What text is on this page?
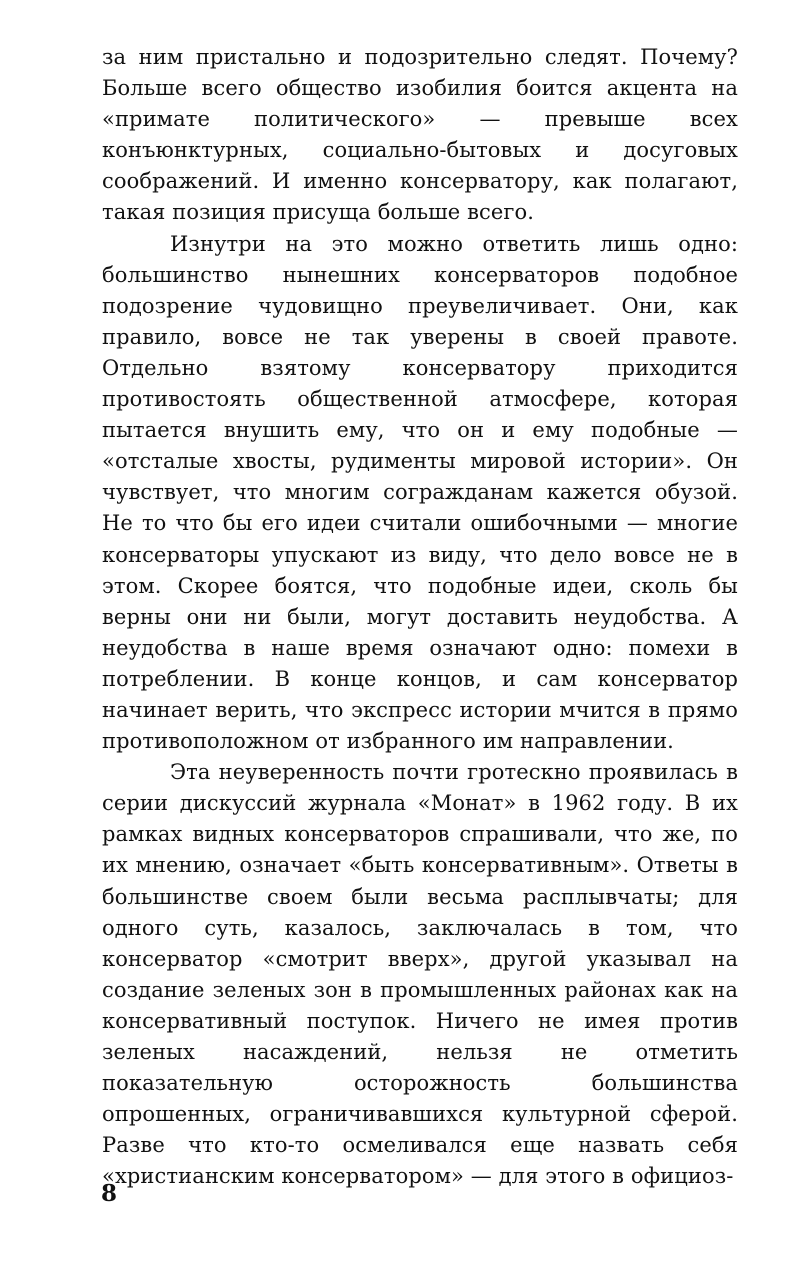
за ним пристально и подозрительно следят. Почему? Больше всего общество изобилия боится акцента на «примате политического» — превыше всех конъюнктурных, социально-бытовых и досуговых соображений. И именно консерватору, как полагают, такая позиция присуща больше всего.

Изнутри на это можно ответить лишь одно: большинство нынешних консерваторов подобное подозрение чудовищно преувеличивает. Они, как правило, вовсе не так уверены в своей правоте. Отдельно взятому консерватору приходится противостоять общественной атмосфере, которая пытается внушить ему, что он и ему подобные — «отсталые хвосты, рудименты мировой истории». Он чувствует, что многим согражданам кажется обузой. Не то что бы его идеи считали ошибочными — многие консерваторы упускают из виду, что дело вовсе не в этом. Скорее боятся, что подобные идеи, сколь бы верны они ни были, могут доставить неудобства. А неудобства в наше время означают одно: помехи в потреблении. В конце концов, и сам консерватор начинает верить, что экспресс истории мчится в прямо противоположном от избранного им направлении.

Эта неуверенность почти гротескно проявилась в серии дискуссий журнала «Монат» в 1962 году. В их рамках видных консерваторов спрашивали, что же, по их мнению, означает «быть консервативным». Ответы в большинстве своем были весьма расплывчаты; для одного суть, казалось, заключалась в том, что консерватор «смотрит вверх», другой указывал на создание зеленых зон в промышленных районах как на консервативный поступок. Ничего не имея против зеленых насаждений, нельзя не отметить показательную осторожность большинства опрошенных, ограничивавшихся культурной сферой. Разве что кто-то осмеливался еще назвать себя «христианским консерватором» — для этого в официоз-

8
